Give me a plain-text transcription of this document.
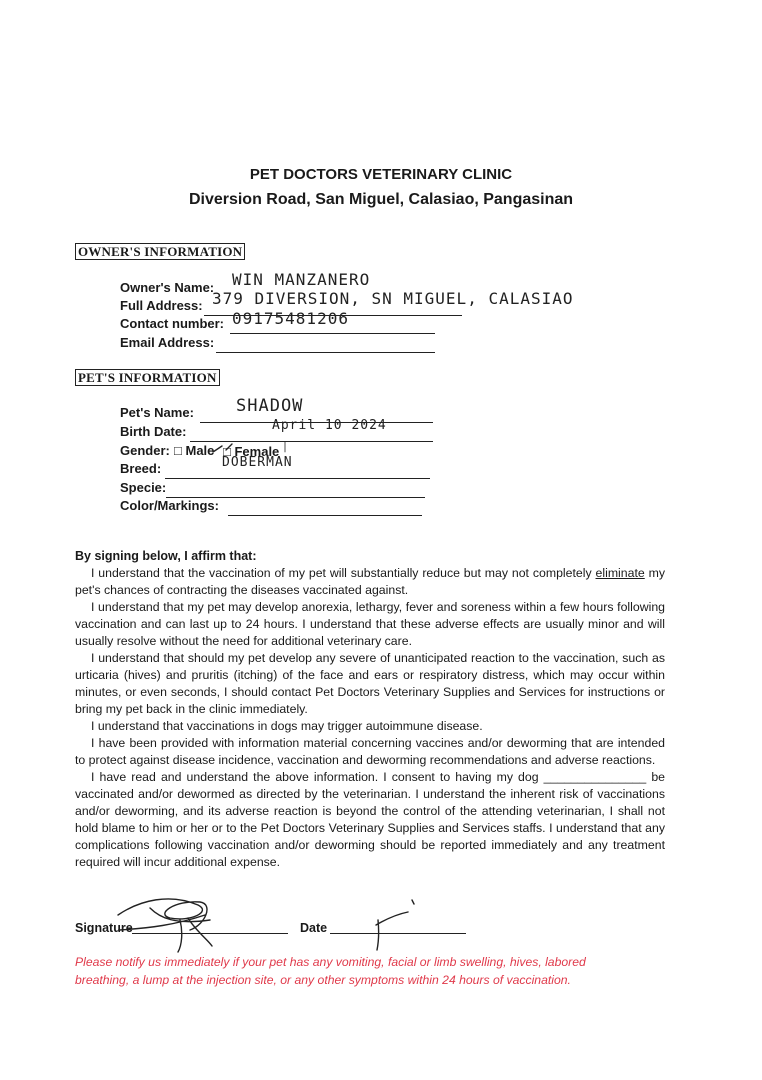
PET DOCTORS VETERINARY CLINIC
Diversion Road, San Miguel, Calasiao, Pangasinan
OWNER'S INFORMATION
Owner's Name: WIN MANZANERO
Full Address: 379 DIVERSION, SN MIGUEL, CALASIAO
Contact number: 09175481206
Email Address:
PET'S INFORMATION
Pet's Name: SHADOW
Birth Date:	April 10 2024
Gender: □ Male □ Female
Breed:	DOBERMAN
Specie:
Color/Markings:
By signing below, I affirm that:

I understand that the vaccination of my pet will substantially reduce but may not completely eliminate my pet's chances of contracting the diseases vaccinated against.

I understand that my pet may develop anorexia, lethargy, fever and soreness within a few hours following vaccination and can last up to 24 hours. I understand that these adverse effects are usually minor and will usually resolve without the need for additional veterinary care.

I understand that should my pet develop any severe of unanticipated reaction to the vaccination, such as urticaria (hives) and pruritis (itching) of the face and ears or respiratory distress, which may occur within minutes, or even seconds, I should contact Pet Doctors Veterinary Supplies and Services for instructions or bring my pet back in the clinic immediately.

I understand that vaccinations in dogs may trigger autoimmune disease.

I have been provided with information material concerning vaccines and/or deworming that are intended to protect against disease incidence, vaccination and deworming recommendations and adverse reactions.

I have read and understand the above information. I consent to having my dog _______________ be vaccinated and/or dewormed as directed by the veterinarian. I understand the inherent risk of vaccinations and/or deworming, and its adverse reaction is beyond the control of the attending veterinarian, I shall not hold blame to him or her or to the Pet Doctors Veterinary Supplies and Services staffs. I understand that any complications following vaccination and/or deworming should be reported immediately and any treatment required will incur additional expense.

Signature	Date
Please notify us immediately if your pet has any vomiting, facial or limb swelling, hives, labored breathing, a lump at the injection site, or any other symptoms within 24 hours of vaccination.
